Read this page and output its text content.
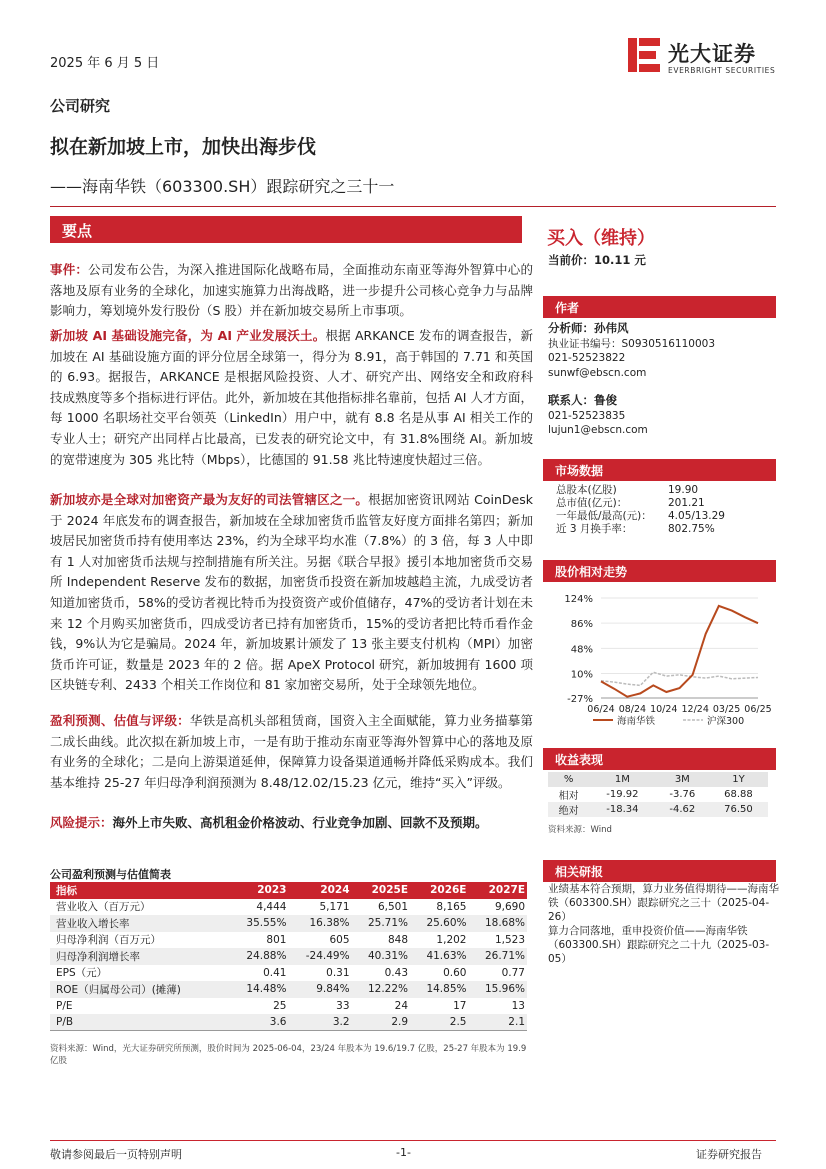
2025 年 6 月 5 日	光大证券
EVERBRIGHT SECURITIES
公司研究
拟在新加坡上市，加快出海步伐
——海南华铁（603300.SH）跟踪研究之三十一
要点
事件：公司发布公告，为深入推进国际化战略布局，全面推动东南亚等海外智算中心的落地及原有业务的全球化，加速实施算力出海战略，进一步提升公司核心竞争力与品牌影响力，筹划境外发行股份（S 股）并在新加坡交易所上市事项。
新加坡 AI 基础设施完备，为 AI 产业发展沃土。根据 ARKANCE 发布的调查报告，新加坡在 AI 基础设施方面的评分位居全球第一，得分为 8.91，高于韩国的 7.71 和英国的 6.93。据报告，ARKANCE 是根据风险投资、人才、研究产出、网络安全和政府科技成熟度等多个指标进行评估。此外，新加坡在其他指标排名靠前，包括 AI 人才方面，每 1000 名职场社交平台领英（LinkedIn）用户中，就有 8.8 名是从事 AI 相关工作的专业人士；研究产出同样占比最高，已发表的研究论文中，有 31.8%围绕 AI。新加坡的宽带速度为 305 兆比特（Mbps），比德国的 91.58 兆比特速度快超过三倍。
新加坡亦是全球对加密资产最为友好的司法管辖区之一。根据加密资讯网站 CoinDesk 于 2024 年底发布的调查报告，新加坡在全球加密货币监管友好度方面排名第四；新加坡居民加密货币持有使用率达 23%，约为全球平均水准（7.8%）的 3 倍，每 3 人中即有 1 人对加密货币法规与控制措施有所关注。另据《联合早报》援引本地加密货币交易所 Independent Reserve 发布的数据，加密货币投资在新加坡越趋主流，九成受访者知道加密货币，58%的受访者视比特币为投资资产或价值储存，47%的受访者计划在未来 12 个月购买加密货币，四成受访者已持有加密货币，15%的受访者把比特币看作金钱，9%认为它是骗局。2024 年，新加坡累计颁发了 13 张主要支付机构（MPI）加密货币许可证，数量是 2023 年的 2 倍。据 ApeX Protocol 研究，新加坡拥有 1600 项区块链专利、2433 个相关工作岗位和 81 家加密交易所，处于全球领先地位。
盈利预测、估值与评级：华铁是高机头部租赁商，国资入主全面赋能，算力业务描摹第二成长曲线。此次拟在新加坡上市，一是有助于推动东南亚等海外智算中心的落地及原有业务的全球化；二是向上游渠道延伸，保障算力设备渠道通畅并降低采购成本。我们基本维持 25-27 年归母净利润预测为 8.48/12.02/15.23 亿元，维持“买入”评级。
风险提示：海外上市失败、高机租金价格波动、行业竞争加剧、回款不及预期。
买入（维持）
当前价：10.11 元
作者
分析师：孙伟风
执业证书编号：S0930516110003
021-52523822
sunwf@ebscn.com
联系人：鲁俊
021-52523835
lujun1@ebscn.com
市场数据
总股本(亿股)	19.90
总市值(亿元)：	201.21
一年最低/最高(元)：	4.05/13.29
近 3 月换手率：	802.75%
股价相对走势
124%
86%
48%
10%
-27%
06/24 08/24 10/24 12/24 03/25 06/25
海南华铁	沪深300
收益表现
%	1M	3M	1Y
相对	-19.92	-3.76	68.88
绝对	-18.34	-4.62	76.50
资料来源：Wind
相关研报
业绩基本符合预期，算力业务值得期待——海南华铁（603300.SH）跟踪研究之三十（2025-04-26）
算力合同落地，重申投资价值——海南华铁（603300.SH）跟踪研究之二十九（2025-03-05）
公司盈利预测与估值简表
指标	2023	2024	2025E	2026E	2027E
营业收入（百万元）	4,444	5,171	6,501	8,165	9,690
营业收入增长率	35.55%	16.38%	25.71%	25.60%	18.68%
归母净利润（百万元）	801	605	848	1,202	1,523
归母净利润增长率	24.88%	-24.49%	40.31%	41.63%	26.71%
EPS（元）	0.41	0.31	0.43	0.60	0.77
ROE（归属母公司）(摊薄)	14.48%	9.84%	12.22%	14.85%	15.96%
P/E	25	33	24	17	13
P/B	3.6	3.2	2.9	2.5	2.1
资料来源：Wind，光大证券研究所预测，股价时间为 2025-06-04，23/24 年股本为 19.6/19.7 亿股，25-27 年股本为 19.9 亿股
敬请参阅最后一页特别声明	-1-	证券研究报告
